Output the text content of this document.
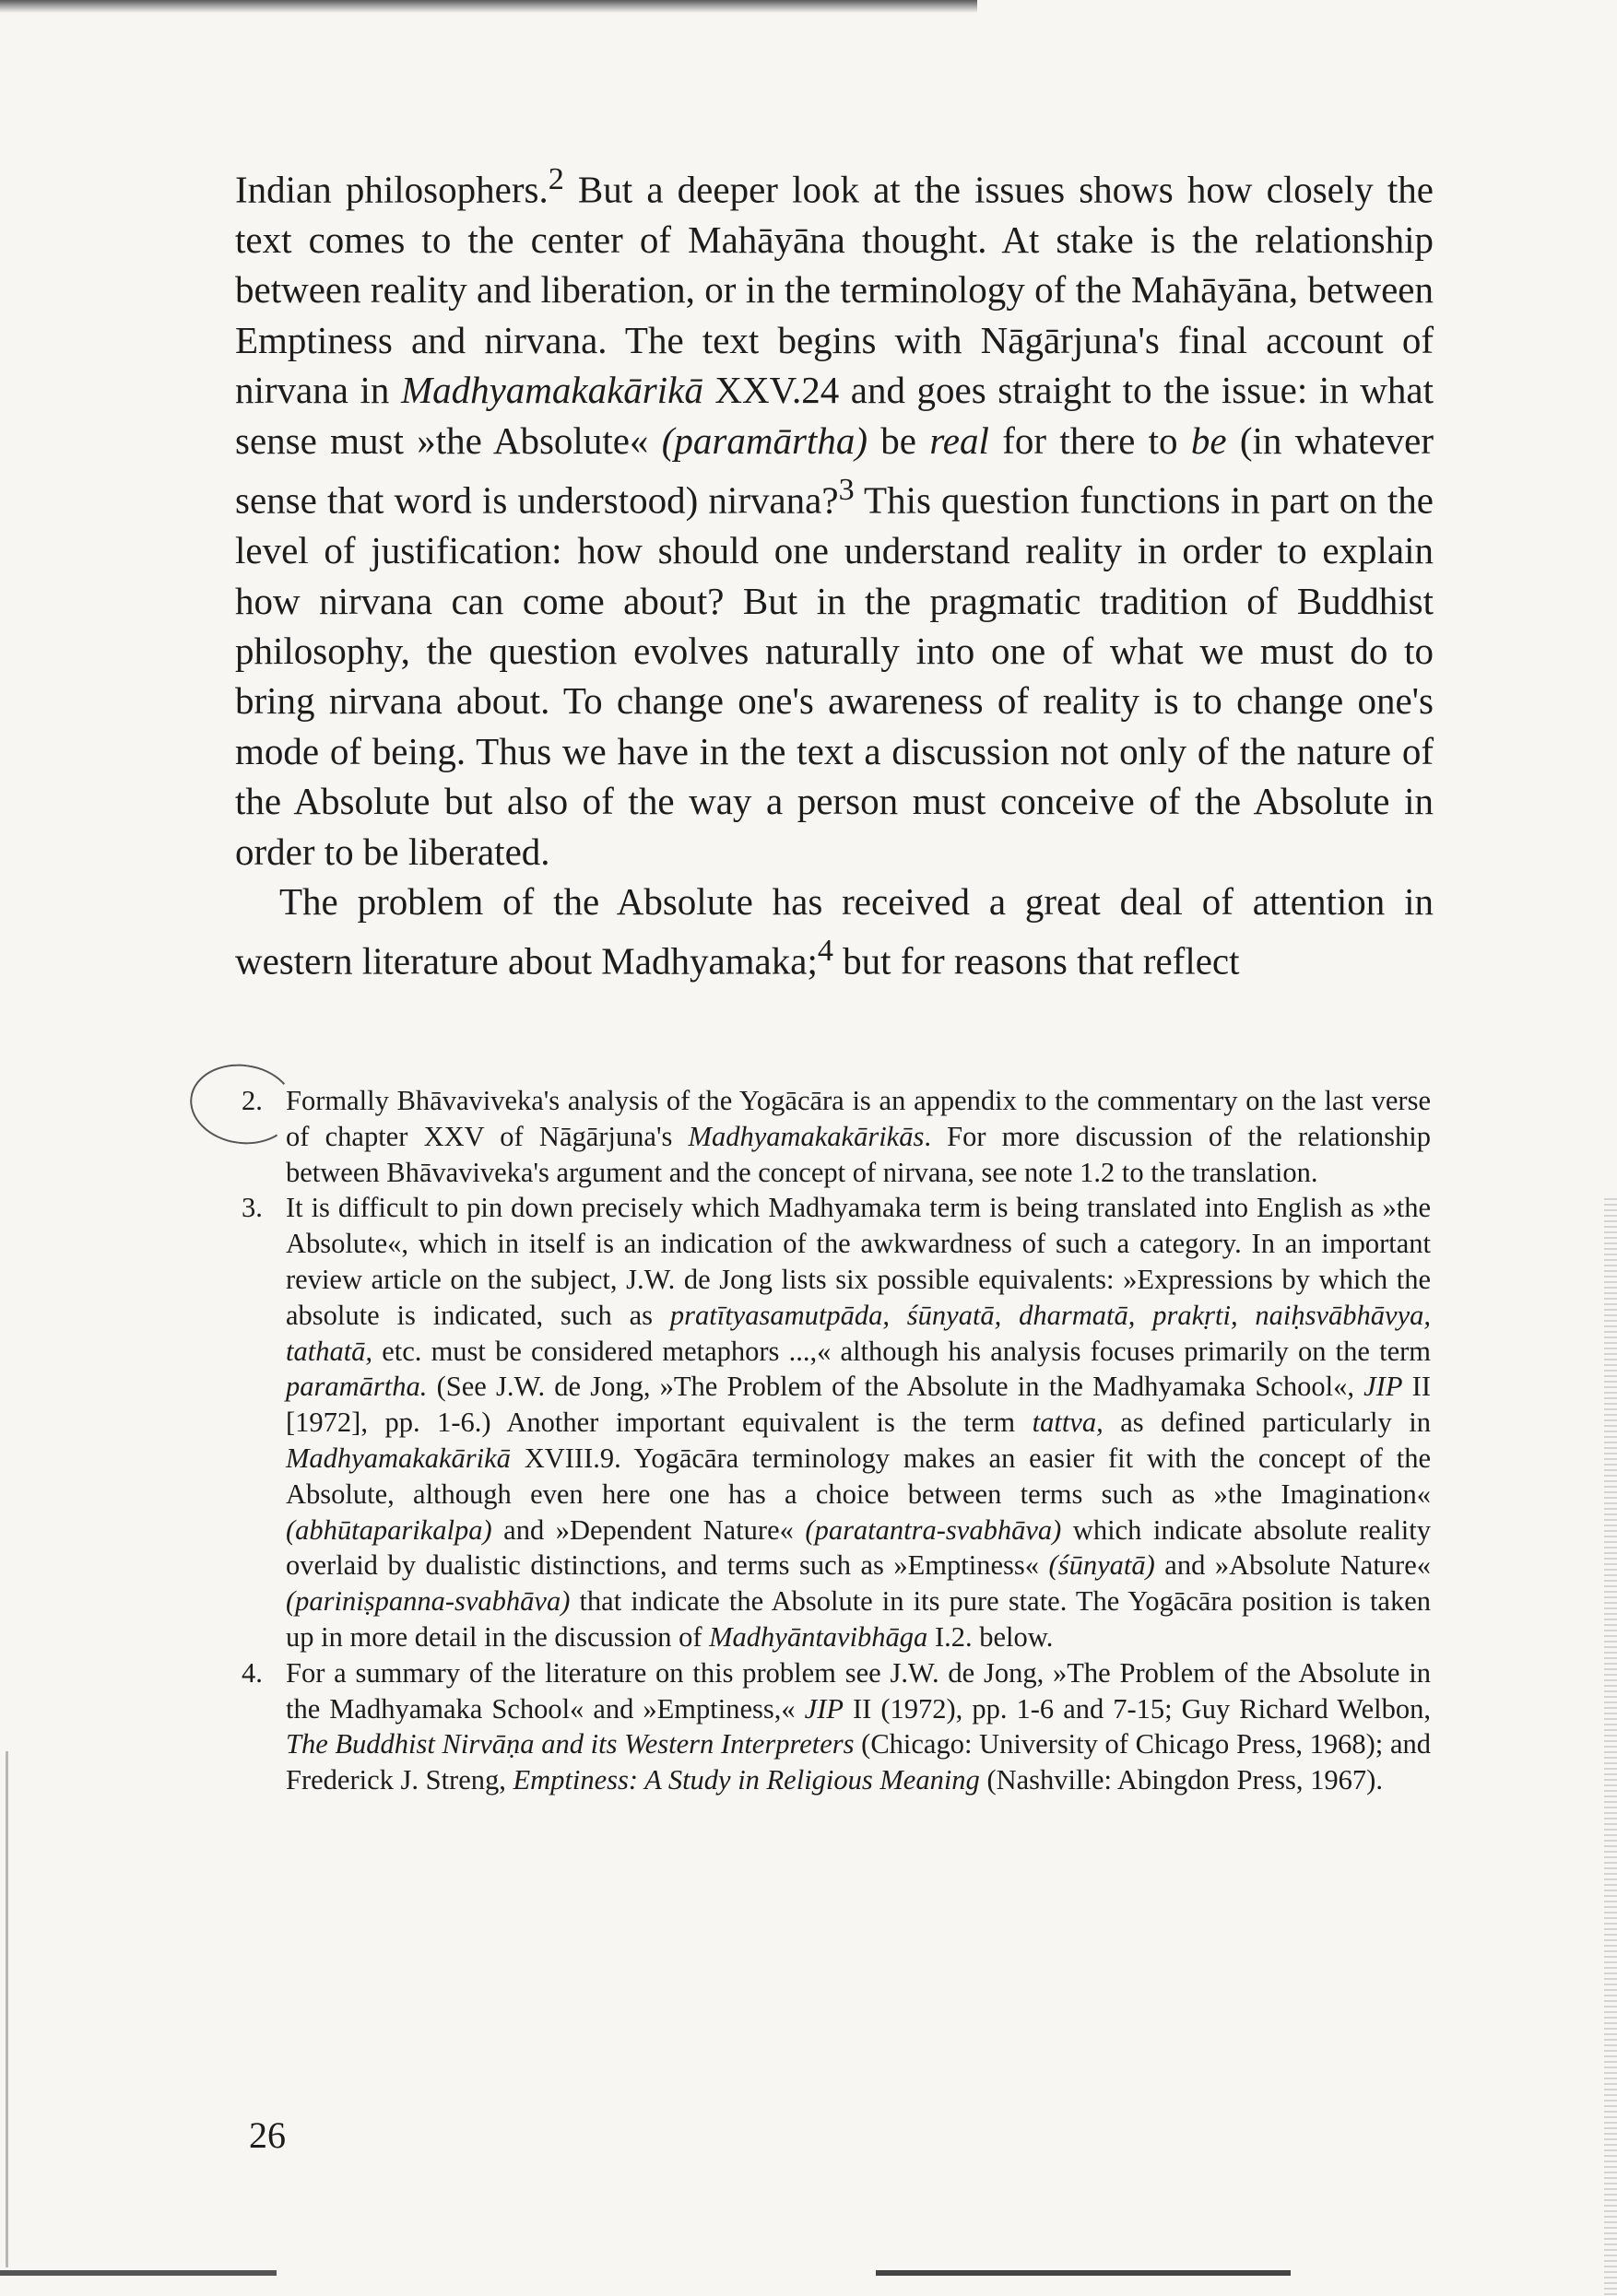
Indian philosophers.$^2$ But a deeper look at the issues shows how closely the text comes to the center of Mahāyāna thought. At stake is the relationship between reality and liberation, or in the terminology of the Mahāyāna, between Emptiness and nirvana. The text begins with Nāgārjuna's final account of nirvana in Madhyamakakārikā XXV.24 and goes straight to the issue: in what sense must »the Absolute« (paramārtha) be real for there to be (in whatever sense that word is understood) nirvana?$^3$ This question functions in part on the level of justification: how should one understand reality in order to explain how nirvana can come about? But in the pragmatic tradition of Buddhist philosophy, the question evolves naturally into one of what we must do to bring nirvana about. To change one's awareness of reality is to change one's mode of being. Thus we have in the text a discussion not only of the nature of the Absolute but also of the way a person must conceive of the Absolute in order to be liberated.

The problem of the Absolute has received a great deal of attention in western literature about Madhyamaka;$^4$ but for reasons that reflect

2. Formally Bhāvaviveka's analysis of the Yogācāra is an appendix to the commentary on the last verse of chapter XXV of Nāgārjuna's Madhyamakakārikās. For more discussion of the relationship between Bhāvaviveka's argument and the concept of nirvana, see note 1.2 to the translation.
3. It is difficult to pin down precisely which Madhyamaka term is being translated into English as »the Absolute«, which in itself is an indication of the awkwardness of such a category. In an important review article on the subject, J.W. de Jong lists six possible equivalents: »Expressions by which the absolute is indicated, such as pratītyasamutpāda, śūnyatā, dharmatā, prakṛti, naiḥsvābhāvya, tathatā, etc. must be considered metaphors ...,« although his analysis focuses primarily on the term paramārtha. (See J.W. de Jong, »The Problem of the Absolute in the Madhyamaka School«, JIP II [1972], pp. 1-6.) Another important equivalent is the term tattva, as defined particularly in Madhyamakakārikā XVIII.9. Yogācāra terminology makes an easier fit with the concept of the Absolute, although even here one has a choice between terms such as »the Imagination« (abhūtaparikalpa) and »Dependent Nature« (paratantra-svabhāva) which indicate absolute reality overlaid by dualistic distinctions, and terms such as »Emptiness« (śūnyatā) and »Absolute Nature« (pariniṣpanna-svabhāva) that indicate the Absolute in its pure state. The Yogācāra position is taken up in more detail in the discussion of Madhyāntavibhāga I.2. below.
4. For a summary of the literature on this problem see J.W. de Jong, »The Problem of the Absolute in the Madhyamaka School« and »Emptiness,« JIP II (1972), pp. 1-6 and 7-15; Guy Richard Welbon, The Buddhist Nirvāṇa and its Western Interpreters (Chicago: University of Chicago Press, 1968); and Frederick J. Streng, Emptiness: A Study in Religious Meaning (Nashville: Abingdon Press, 1967).
26
